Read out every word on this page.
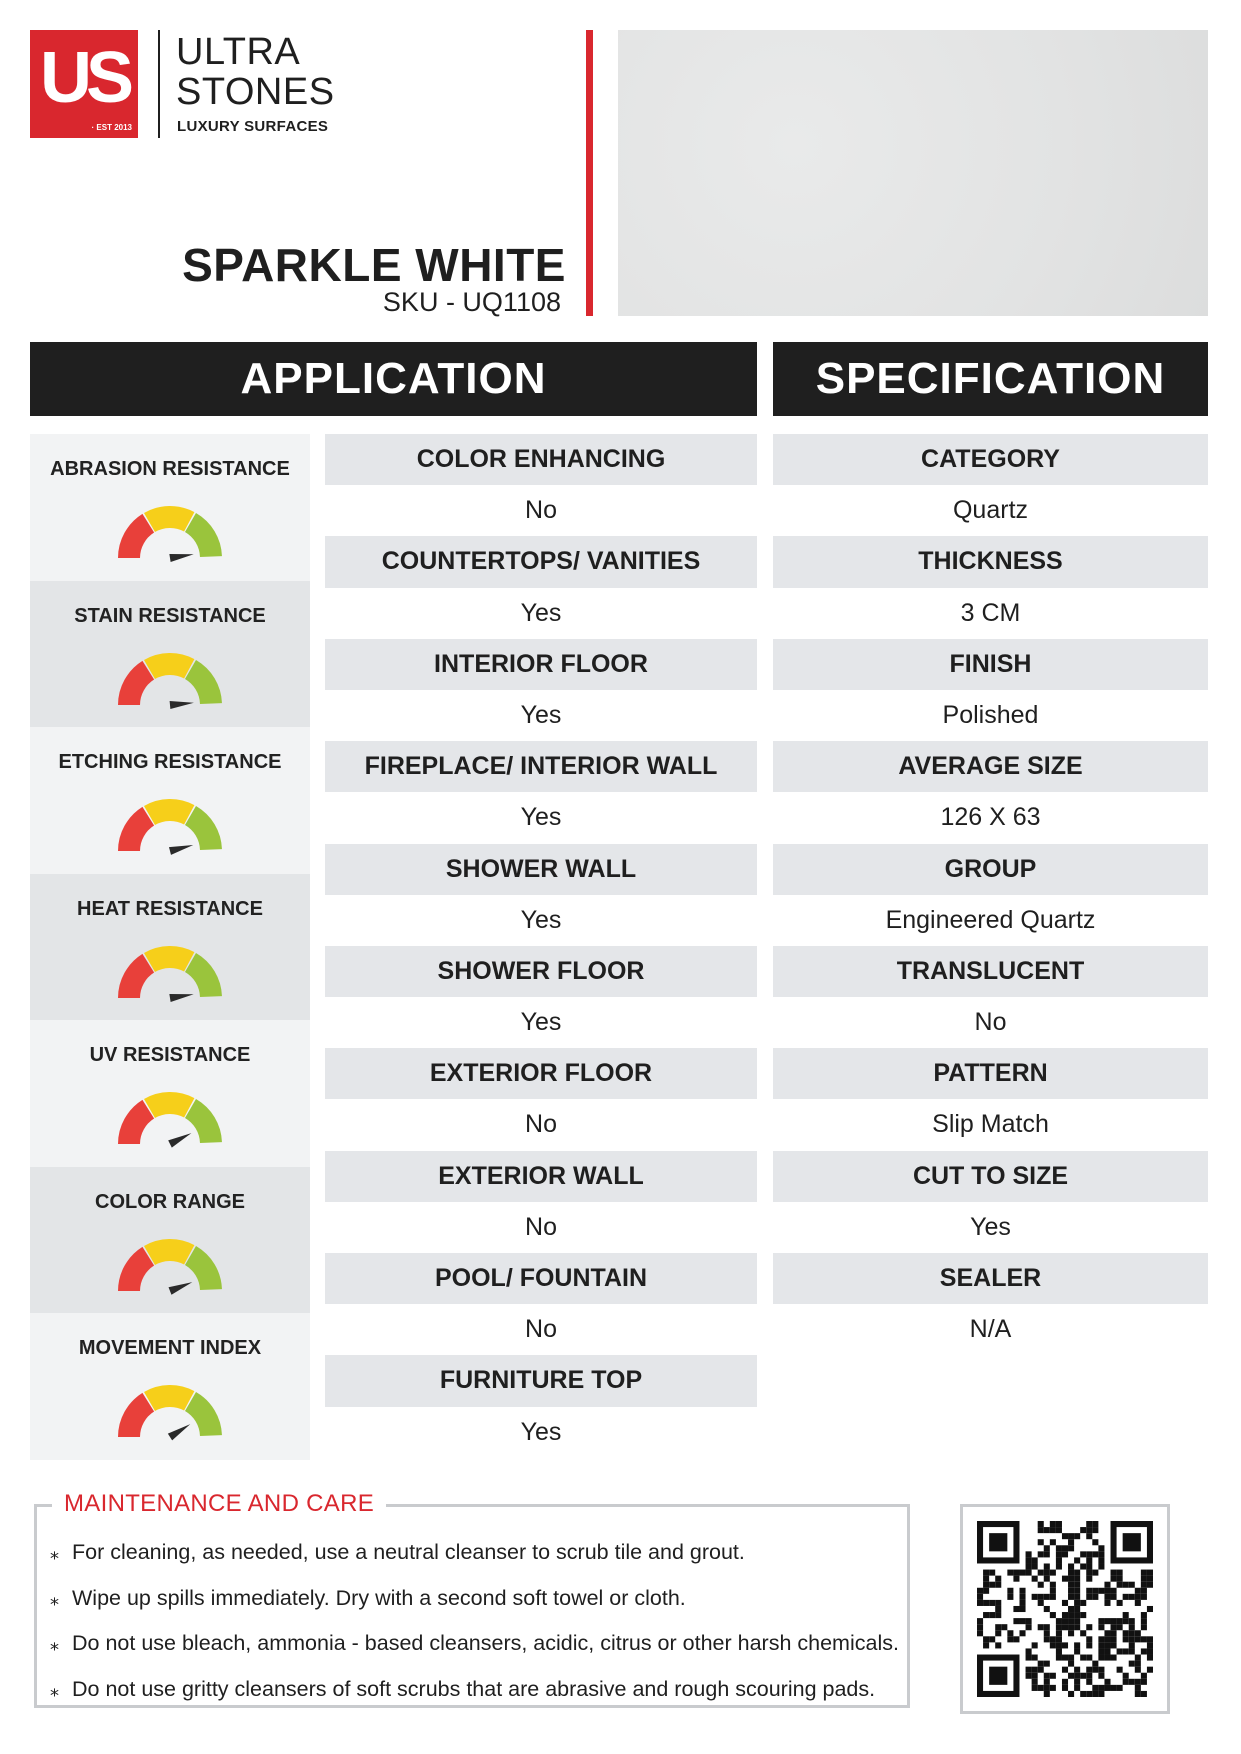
US
· EST 2013
ULTRA
STONES
LUXURY SURFACES
SPARKLE WHITE
SKU - UQ1108
APPLICATION	SPECIFICATION
ABRASION RESISTANCE
STAIN RESISTANCE
ETCHING RESISTANCE
HEAT RESISTANCE
UV RESISTANCE
COLOR RANGE
MOVEMENT INDEX
COLOR ENHANCING
No
COUNTERTOPS/ VANITIES
Yes
INTERIOR FLOOR
Yes
FIREPLACE/ INTERIOR WALL
Yes
SHOWER WALL
Yes
SHOWER FLOOR
Yes
EXTERIOR FLOOR
No
EXTERIOR WALL
No
POOL/ FOUNTAIN
No
FURNITURE TOP
Yes
CATEGORY
Quartz
THICKNESS
3 CM
FINISH
Polished
AVERAGE SIZE
126 X 63
GROUP
Engineered Quartz
TRANSLUCENT
No
PATTERN
Slip Match
CUT TO SIZE
Yes
SEALER
N/A
MAINTENANCE AND CARE
⁎ For cleaning, as needed, use a neutral cleanser to scrub tile and grout.
⁎ Wipe up spills immediately. Dry with a second soft towel or cloth.
⁎ Do not use bleach, ammonia - based cleansers, acidic, citrus or other harsh chemicals.
⁎ Do not use gritty cleansers of soft scrubs that are abrasive and rough scouring pads.
